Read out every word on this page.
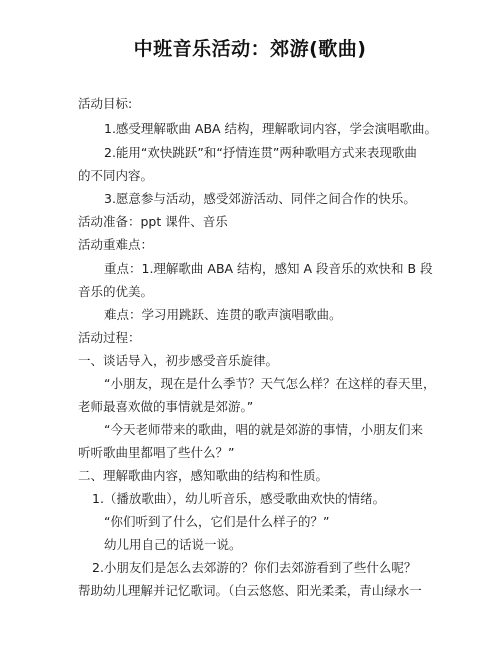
中班音乐活动：郊游(歌曲)
活动目标:
1.感受理解歌曲 ABA 结构，理解歌词内容，学会演唱歌曲。
2.能用“欢快跳跃”和“抒情连贯”两种歌唱方式来表现歌曲
的不同内容。
3.愿意参与活动，感受郊游活动、同伴之间合作的快乐。
活动准备：ppt 课件、音乐
活动重难点：
重点：1.理解歌曲 ABA 结构，感知 A 段音乐的欢快和 B 段
音乐的优美。
难点：学习用跳跃、连贯的歌声演唱歌曲。
活动过程：
一、谈话导入，初步感受音乐旋律。
“小朋友，现在是什么季节？天气怎么样？在这样的春天里，
老师最喜欢做的事情就是郊游。”
“今天老师带来的歌曲，唱的就是郊游的事情，小朋友们来
听听歌曲里都唱了些什么？”
二、理解歌曲内容，感知歌曲的结构和性质。
1.（播放歌曲），幼儿听音乐，感受歌曲欢快的情绪。
“你们听到了什么，它们是什么样子的？”
幼儿用自己的话说一说。
2.小朋友们是怎么去郊游的？你们去郊游看到了些什么呢？
帮助幼儿理解并记忆歌词。（白云悠悠、阳光柔柔，青山绿水一
